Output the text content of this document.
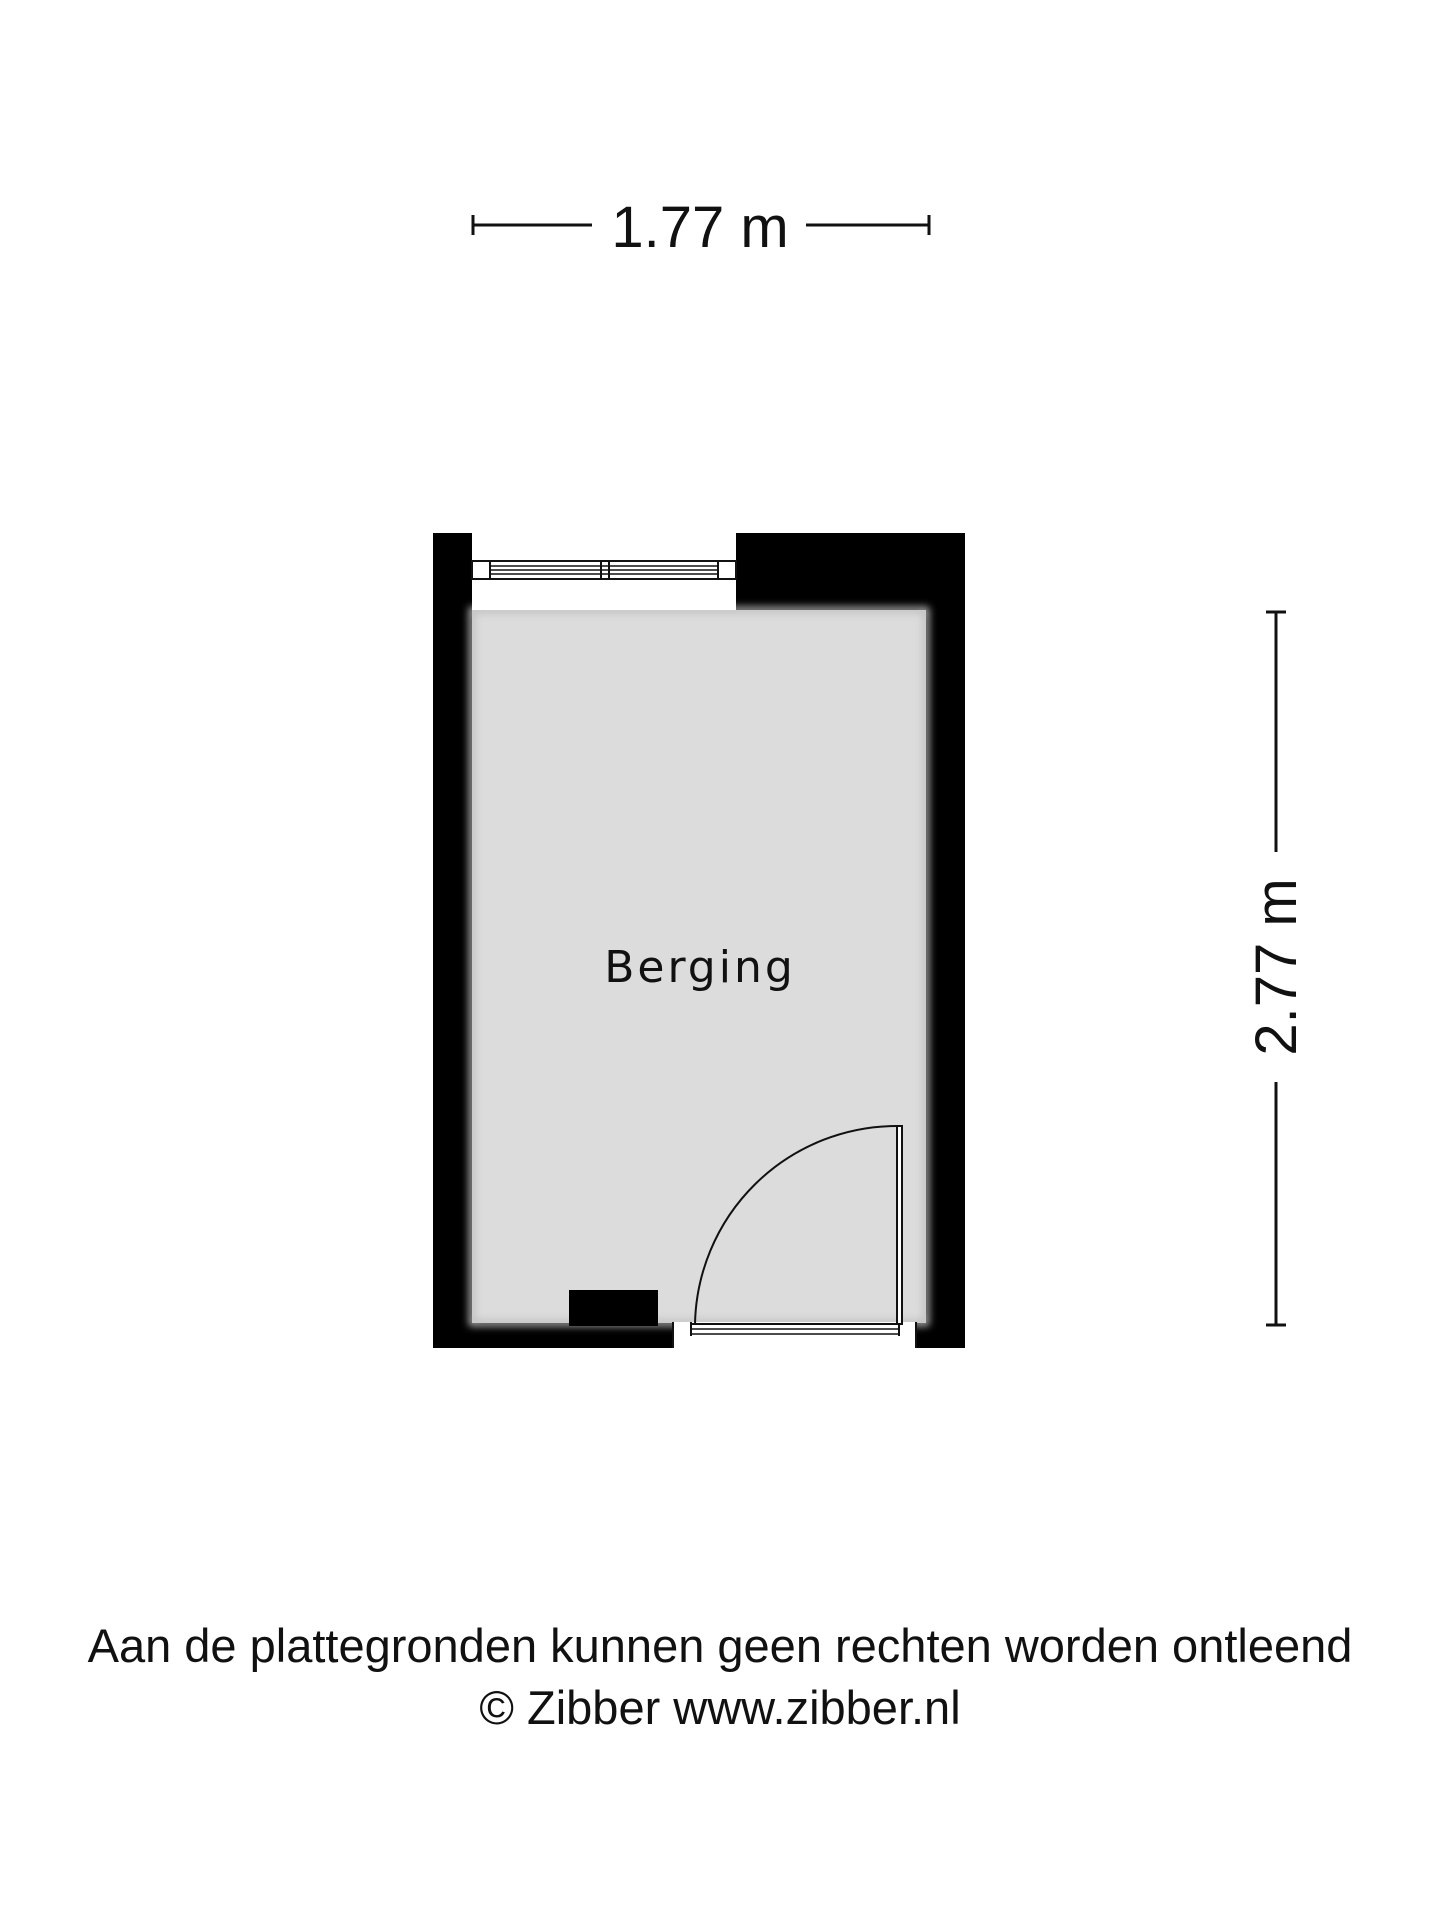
1.77 m
2.77 m
Berging
Aan de plattegronden kunnen geen rechten worden ontleend
© Zibber www.zibber.nl
